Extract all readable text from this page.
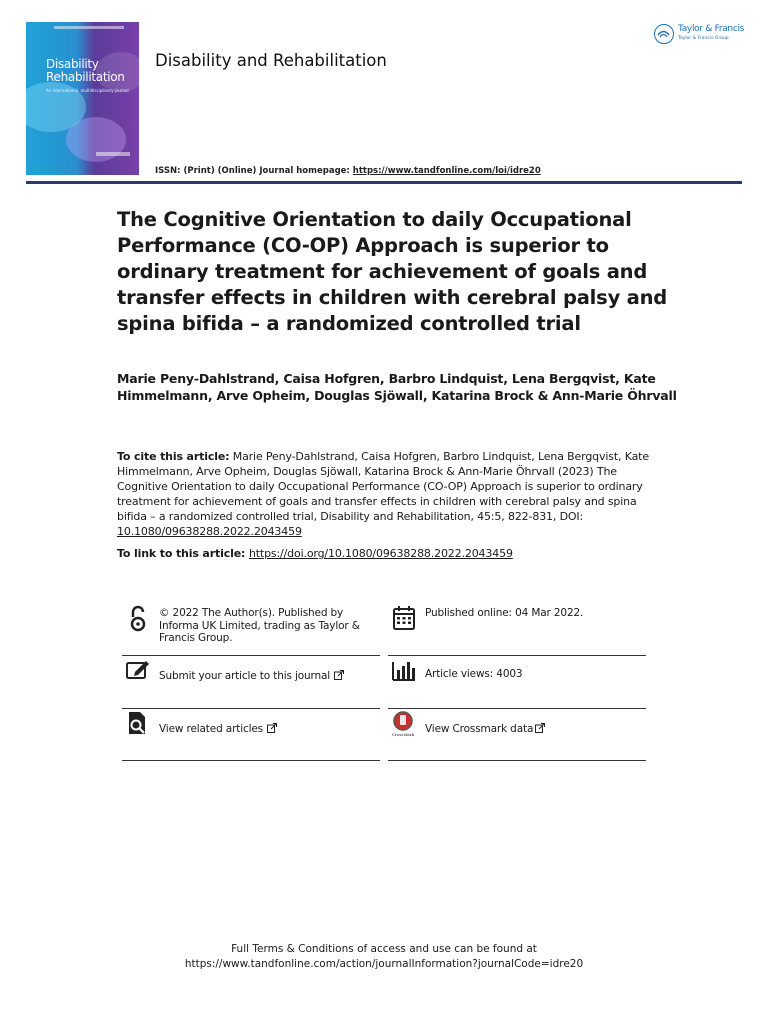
Disability
Rehabilitation
An international, multidisciplinary journal
Disability and Rehabilitation
Taylor & Francis
Taylor & Francis Group
ISSN: (Print) (Online) Journal homepage: https://www.tandfonline.com/loi/idre20
The Cognitive Orientation to daily Occupational Performance (CO-OP) Approach is superior to ordinary treatment for achievement of goals and transfer effects in children with cerebral palsy and spina bifida – a randomized controlled trial

Marie Peny-Dahlstrand, Caisa Hofgren, Barbro Lindquist, Lena Bergqvist, Kate Himmelmann, Arve Opheim, Douglas Sjöwall, Katarina Brock & Ann-Marie Öhrvall

To cite this article: Marie Peny-Dahlstrand, Caisa Hofgren, Barbro Lindquist, Lena Bergqvist, Kate Himmelmann, Arve Opheim, Douglas Sjöwall, Katarina Brock & Ann-Marie Öhrvall (2023) The Cognitive Orientation to daily Occupational Performance (CO-OP) Approach is superior to ordinary treatment for achievement of goals and transfer effects in children with cerebral palsy and spina bifida – a randomized controlled trial, Disability and Rehabilitation, 45:5, 822-831, DOI: 10.1080/09638288.2022.2043459

To link to this article: https://doi.org/10.1080/09638288.2022.2043459
© 2022 The Author(s). Published by Informa UK Limited, trading as Taylor & Francis Group.
Published online: 04 Mar 2022.
Submit your article to this journal	Article views: 4003
View related articles	CrossMark View Crossmark data
Full Terms & Conditions of access and use can be found at
https://www.tandfonline.com/action/journalInformation?journalCode=idre20
